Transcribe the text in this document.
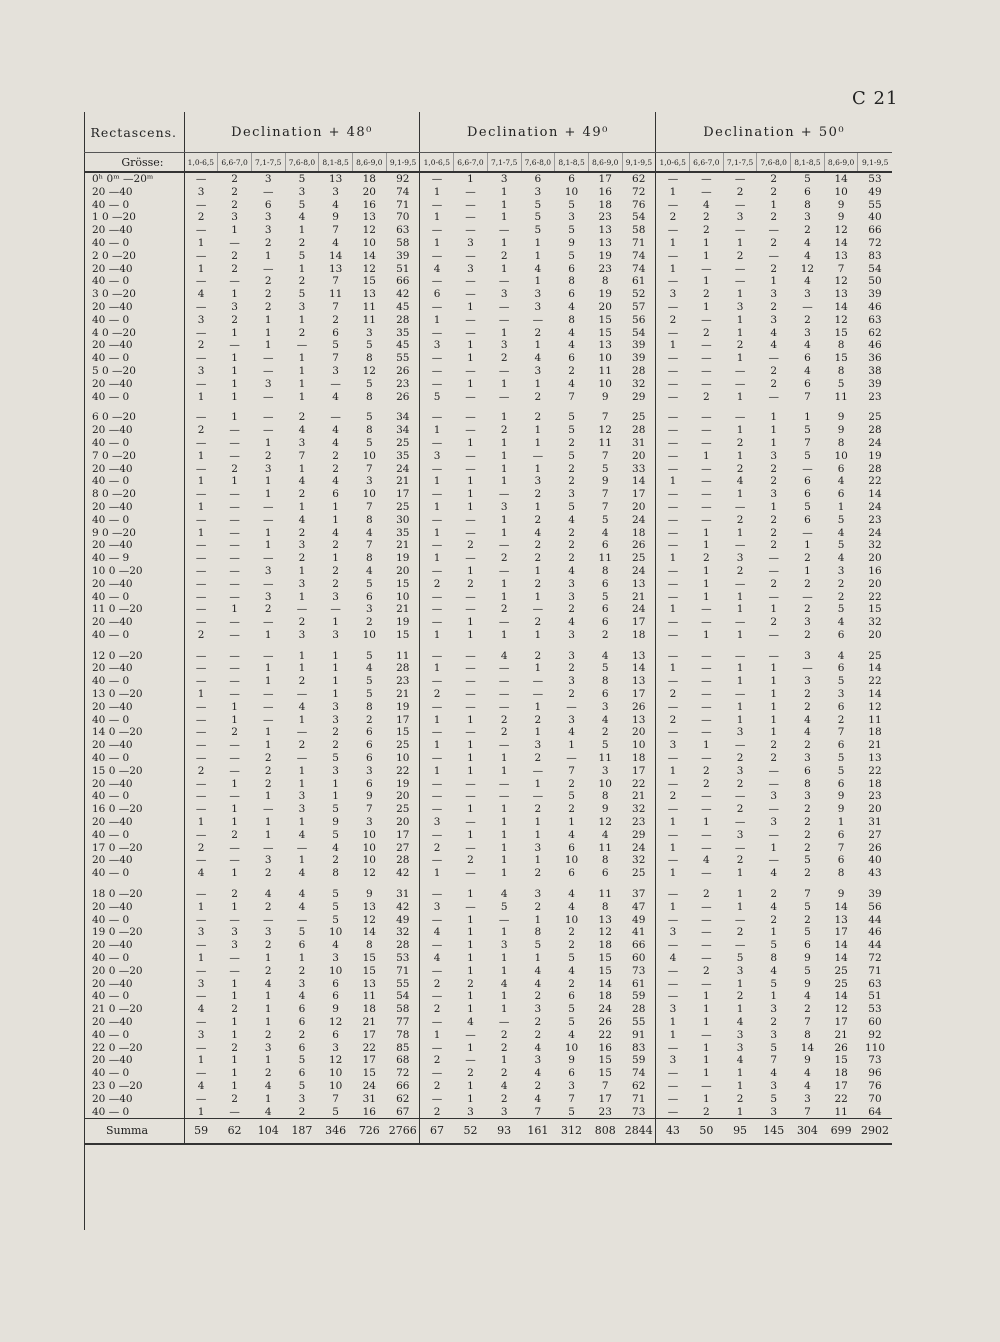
C 21
Rectascens.	Declination + 48⁰							Declination + 49⁰							Declination + 50⁰						
Grösse:	1,0-6,5	6,6-7,0	7,1-7,5	7,6-8,0	8,1-8,5	8,6-9,0	9,1-9,5	1,0-6,5	6,6-7,0	7,1-7,5	7,6-8,0	8,1-8,5	8,6-9,0	9,1-9,5	1,0-6,5	6,6-7,0	7,1-7,5	7,6-8,0	8,1-8,5	8,6-9,0	9,1-9,5
0ʰ 0ᵐ —20ᵐ	—	2	3	5	13	18	92	—	1	3	6	6	17	62	—	—	—	2	5	14	53
20 —40	3	2	—	3	3	20	74	1	—	1	3	10	16	72	1	—	2	2	6	10	49
40 — 0	—	2	6	5	4	16	71	—	—	1	5	5	18	76	—	4	—	1	8	9	55
1 0 —20	2	3	3	4	9	13	70	1	—	1	5	3	23	54	2	2	3	2	3	9	40
20 —40	—	1	3	1	7	12	63	—	—	—	5	5	13	58	—	2	—	—	2	12	66
40 — 0	1	—	2	2	4	10	58	1	3	1	1	9	13	71	1	1	1	2	4	14	72
2 0 —20	—	2	1	5	14	14	39	—	—	2	1	5	19	74	—	1	2	—	4	13	83
20 —40	1	2	—	1	13	12	51	4	3	1	4	6	23	74	1	—	—	2	12	7	54
40 — 0	—	—	2	2	7	15	66	—	—	—	1	8	8	61	—	1	—	1	4	12	50
3 0 —20	4	1	2	5	11	13	42	6	—	3	3	6	19	52	3	2	1	3	3	13	39
20 —40	—	3	2	3	7	11	45	—	1	—	3	4	20	57	—	1	3	2	—	14	46
40 — 0	3	2	1	1	2	11	28	1	—	—	—	8	15	56	2	—	1	3	2	12	63
4 0 —20	—	1	1	2	6	3	35	—	—	1	2	4	15	54	—	2	1	4	3	15	62
20 —40	2	—	1	—	5	5	45	3	1	3	1	4	13	39	1	—	2	4	4	8	46
40 — 0	—	1	—	1	7	8	55	—	1	2	4	6	10	39	—	—	1	—	6	15	36
5 0 —20	3	1	—	1	3	12	26	—	—	—	3	2	11	28	—	—	—	2	4	8	38
20 —40	—	1	3	1	—	5	23	—	1	1	1	4	10	32	—	—	—	2	6	5	39
40 — 0	1	1	—	1	4	8	26	5	—	—	2	7	9	29	—	2	1	—	7	11	23

6 0 —20	—	1	—	2	—	5	34	—	—	1	2	5	7	25	—	—	—	1	1	9	25
20 —40	2	—	—	4	4	8	34	1	—	2	1	5	12	28	—	—	1	1	5	9	28
40 — 0	—	—	1	3	4	5	25	—	1	1	1	2	11	31	—	—	2	1	7	8	24
7 0 —20	1	—	2	7	2	10	35	3	—	1	—	5	7	20	—	1	1	3	5	10	19
20 —40	—	2	3	1	2	7	24	—	—	1	1	2	5	33	—	—	2	2	—	6	28
40 — 0	1	1	1	4	4	3	21	1	1	1	3	2	9	14	1	—	4	2	6	4	22
8 0 —20	—	—	1	2	6	10	17	—	1	—	2	3	7	17	—	—	1	3	6	6	14
20 —40	1	—	—	1	1	7	25	1	1	3	1	5	7	20	—	—	—	1	5	1	24
40 — 0	—	—	—	4	1	8	30	—	—	1	2	4	5	24	—	—	2	2	6	5	23
9 0 —20	1	—	1	2	4	4	35	1	—	1	4	2	4	18	—	1	1	2	—	4	24
20 —40	—	—	1	3	2	7	21	—	2	—	2	2	6	26	—	1	—	2	1	5	32
40 — 9	—	—	—	2	1	8	19	1	—	2	2	2	11	25	1	2	3	—	2	4	20
10 0 —20	—	—	3	1	2	4	20	—	1	—	1	4	8	24	—	1	2	—	1	3	16
20 —40	—	—	—	3	2	5	15	2	2	1	2	3	6	13	—	1	—	2	2	2	20
40 — 0	—	—	3	1	3	6	10	—	—	1	1	3	5	21	—	1	1	—	—	2	22
11 0 —20	—	1	2	—	—	3	21	—	—	2	—	2	6	24	1	—	1	1	2	5	15
20 —40	—	—	—	2	1	2	19	—	1	—	2	4	6	17	—	—	—	2	3	4	32
40 — 0	2	—	1	3	3	10	15	1	1	1	1	3	2	18	—	1	1	—	2	6	20

12 0 —20	—	—	—	1	1	5	11	—	—	4	2	3	4	13	—	—	—	—	3	4	25
20 —40	—	—	1	1	1	4	28	1	—	—	1	2	5	14	1	—	1	1	—	6	14
40 — 0	—	—	1	2	1	5	23	—	—	—	—	3	8	13	—	—	1	1	3	5	22
13 0 —20	1	—	—	—	1	5	21	2	—	—	—	2	6	17	2	—	—	1	2	3	14
20 —40	—	1	—	4	3	8	19	—	—	—	1	—	3	26	—	—	1	1	2	6	12
40 — 0	—	1	—	1	3	2	17	1	1	2	2	3	4	13	2	—	1	1	4	2	11
14 0 —20	—	2	1	—	2	6	15	—	—	2	1	4	2	20	—	—	3	1	4	7	18
20 —40	—	—	1	2	2	6	25	1	1	—	3	1	5	10	3	1	—	2	2	6	21
40 — 0	—	—	2	—	5	6	10	—	1	1	2	—	11	18	—	—	2	2	3	5	13
15 0 —20	2	—	2	1	3	3	22	1	1	1	—	7	3	17	1	2	3	—	6	5	22
20 —40	—	1	2	1	1	6	19	—	—	—	1	2	10	22	—	2	2	—	8	6	18
40 — 0	—	—	1	3	1	9	20	—	—	—	—	5	8	21	2	—	—	3	3	9	23
16 0 —20	—	1	—	3	5	7	25	—	1	1	2	2	9	32	—	—	2	—	2	9	20
20 —40	1	1	1	1	9	3	20	3	—	1	1	1	12	23	1	1	—	3	2	1	31
40 — 0	—	2	1	4	5	10	17	—	1	1	1	4	4	29	—	—	3	—	2	6	27
17 0 —20	2	—	—	—	4	10	27	2	—	1	3	6	11	24	1	—	—	1	2	7	26
20 —40	—	—	3	1	2	10	28	—	2	1	1	10	8	32	—	4	2	—	5	6	40
40 — 0	4	1	2	4	8	12	42	1	—	1	2	6	6	25	1	—	1	4	2	8	43

18 0 —20	—	2	4	4	5	9	31	—	1	4	3	4	11	37	—	2	1	2	7	9	39
20 —40	1	1	2	4	5	13	42	3	—	5	2	4	8	47	1	—	1	4	5	14	56
40 — 0	—	—	—	—	5	12	49	—	1	—	1	10	13	49	—	—	—	2	2	13	44
19 0 —20	3	3	3	5	10	14	32	4	1	1	8	2	12	41	3	—	2	1	5	17	46
20 —40	—	3	2	6	4	8	28	—	1	3	5	2	18	66	—	—	—	5	6	14	44
40 — 0	1	—	1	1	3	15	53	4	1	1	1	5	15	60	4	—	5	8	9	14	72
20 0 —20	—	—	2	2	10	15	71	—	1	1	4	4	15	73	—	2	3	4	5	25	71
20 —40	3	1	4	3	6	13	55	2	2	4	4	2	14	61	—	—	1	5	9	25	63
40 — 0	—	1	1	4	6	11	54	—	1	1	2	6	18	59	—	1	2	1	4	14	51
21 0 —20	4	2	1	6	9	18	58	2	1	1	3	5	24	28	3	1	1	3	2	12	53
20 —40	—	1	1	6	12	21	77	—	4	—	2	5	26	55	1	1	4	2	7	17	60
40 — 0	3	1	2	2	6	17	78	1	—	2	2	4	22	91	1	—	3	3	8	21	92
22 0 —20	—	2	3	6	3	22	85	—	1	2	4	10	16	83	—	1	3	5	14	26	110
20 —40	1	1	1	5	12	17	68	2	—	1	3	9	15	59	3	1	4	7	9	15	73
40 — 0	—	1	2	6	10	15	72	—	2	2	4	6	15	74	—	1	1	4	4	18	96
23 0 —20	4	1	4	5	10	24	66	2	1	4	2	3	7	62	—	—	1	3	4	17	76
20 —40	—	2	1	3	7	31	62	—	1	2	4	7	17	71	—	1	2	5	3	22	70
40 — 0	1	—	4	2	5	16	67	2	3	3	7	5	23	73	—	2	1	3	7	11	64
Summa	59	62	104	187	346	726	2766	67	52	93	161	312	808	2844	43	50	95	145	304	699	2902
